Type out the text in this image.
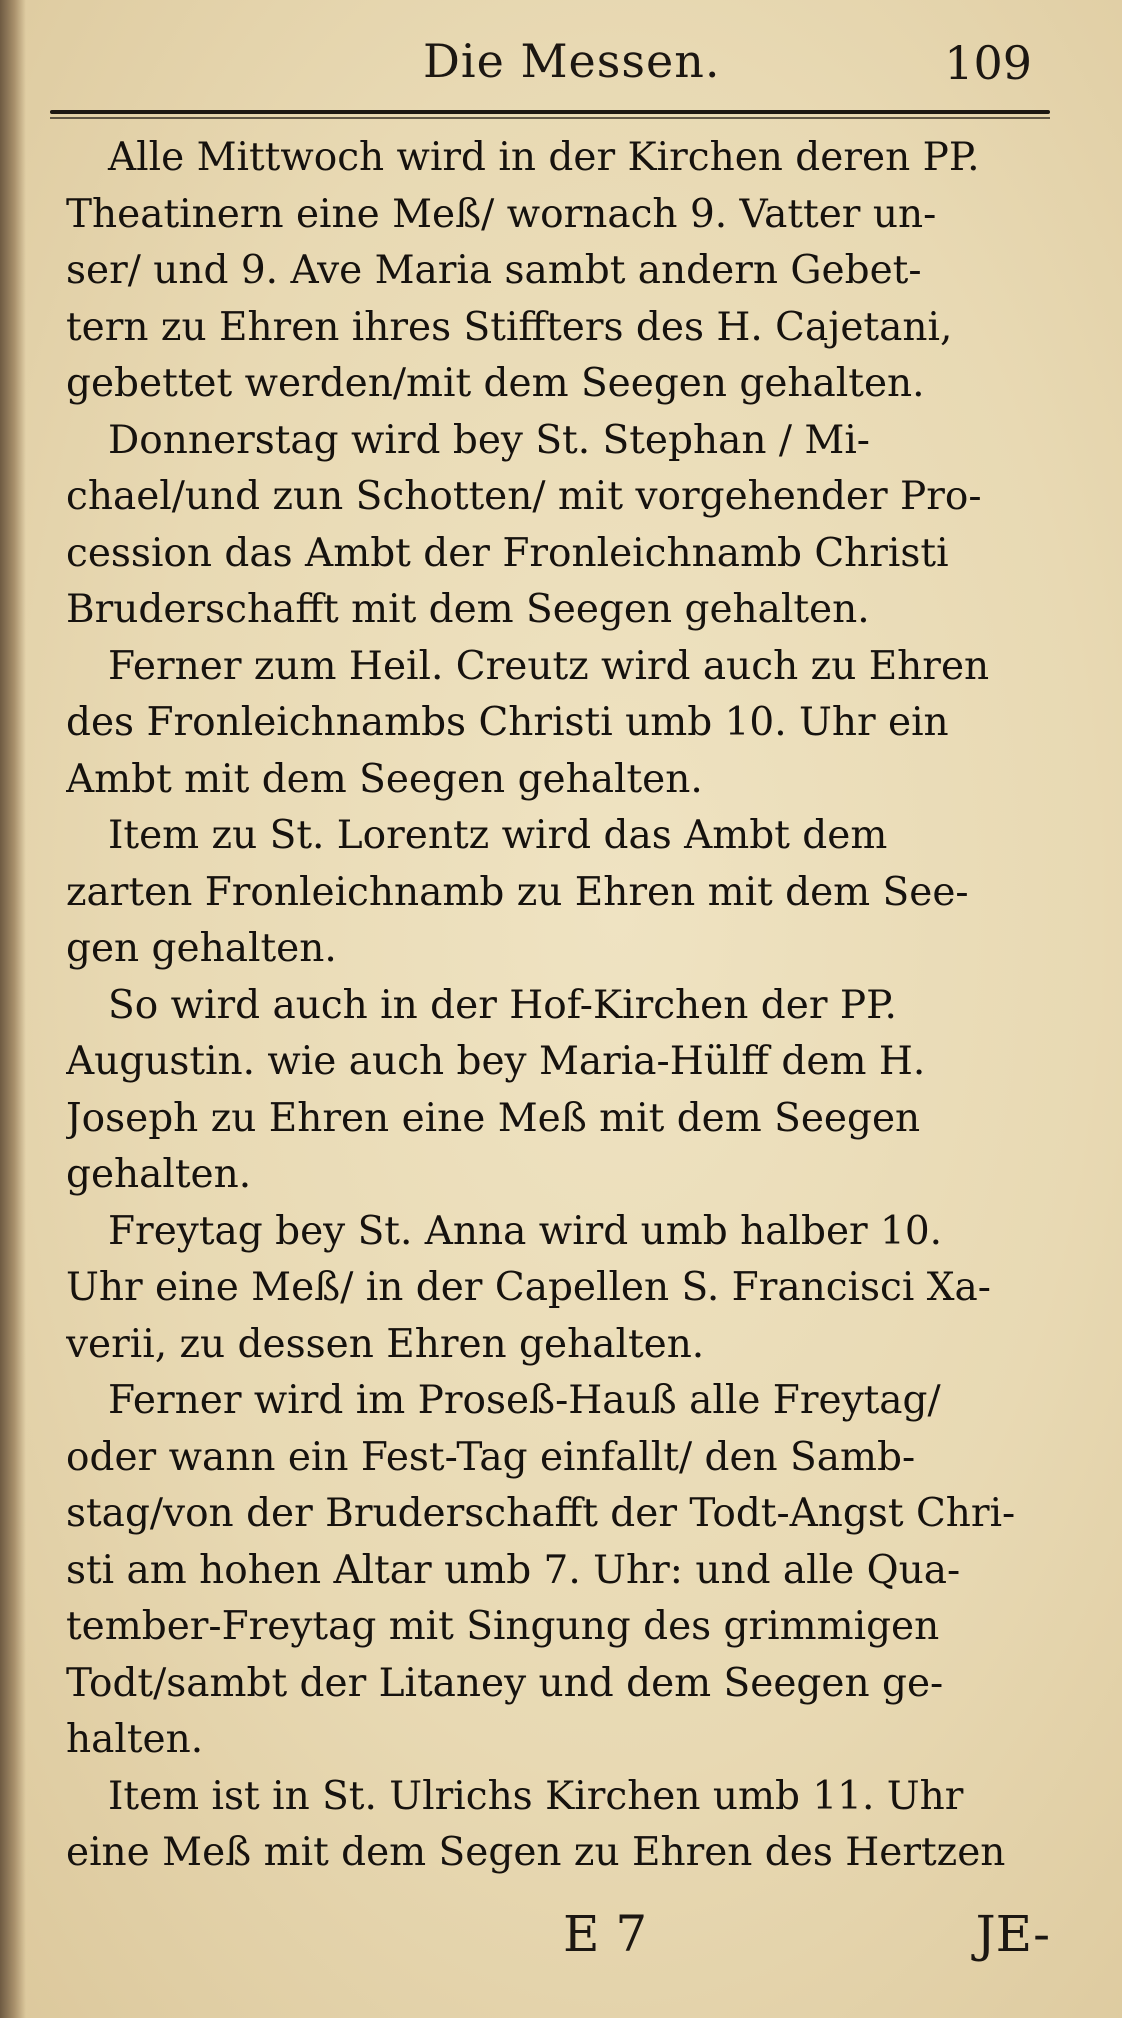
Die Messen.	109
Alle Mittwoch wird in der Kirchen deren PP.
Theatinern eine Meß/ wornach 9. Vatter un-
ser/ und 9. Ave Maria sambt andern Gebet-
tern zu Ehren ihres Stiffters des H. Cajetani,
gebettet werden/mit dem Seegen gehalten.
Donnerstag wird bey St. Stephan / Mi-
chael/und zun Schotten/ mit vorgehender Pro-
cession das Ambt der Fronleichnamb Christi
Bruderschafft mit dem Seegen gehalten.
Ferner zum Heil. Creutz wird auch zu Ehren
des Fronleichnambs Christi umb 10. Uhr ein
Ambt mit dem Seegen gehalten.
Item zu St. Lorentz wird das Ambt dem
zarten Fronleichnamb zu Ehren mit dem See-
gen gehalten.
So wird auch in der Hof-Kirchen der PP.
Augustin. wie auch bey Maria-Hülff dem H.
Joseph zu Ehren eine Meß mit dem Seegen
gehalten.
Freytag bey St. Anna wird umb halber 10.
Uhr eine Meß/ in der Capellen S. Francisci Xa-
verii, zu dessen Ehren gehalten.
Ferner wird im Proseß-Hauß alle Freytag/
oder wann ein Fest-Tag einfallt/ den Samb-
stag/von der Bruderschafft der Todt-Angst Chri-
sti am hohen Altar umb 7. Uhr: und alle Qua-
tember-Freytag mit Singung des grimmigen
Todt/sambt der Litaney und dem Seegen ge-
halten.
Item ist in St. Ulrichs Kirchen umb 11. Uhr
eine Meß mit dem Segen zu Ehren des Hertzen
E 7	JE-
